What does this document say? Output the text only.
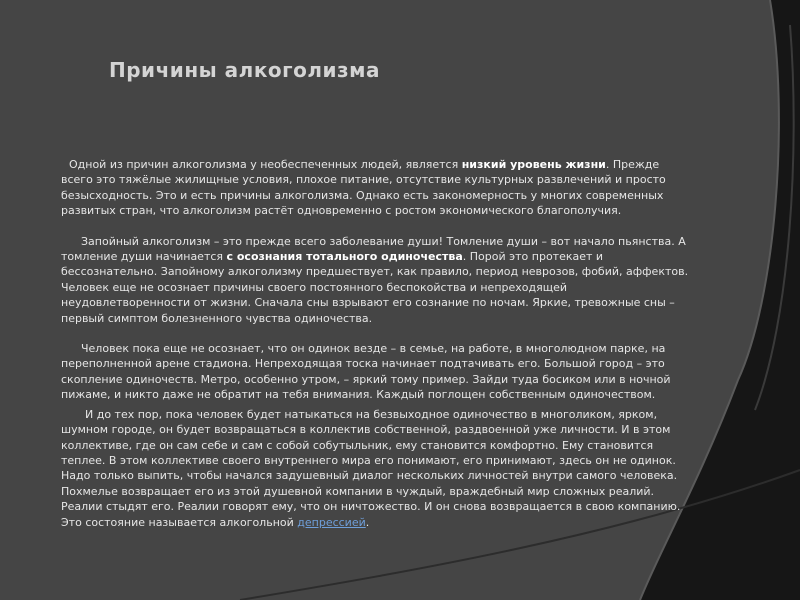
Причины алкоголизма

Одной из причин алкоголизма у необеспеченных людей, является низкий уровень жизни. Прежде всего это тяжёлые жилищные условия, плохое питание, отсутствие культурных развлечений и просто безысходность. Это и есть причины алкоголизма. Однако есть закономерность у многих современных развитых стран, что алкоголизм растёт одновременно с ростом экономического благополучия.

Запойный алкоголизм – это прежде всего заболевание души! Томление души – вот начало пьянства. А томление души начинается с осознания тотального одиночества. Порой это протекает и бессознательно. Запойному алкоголизму предшествует, как правило, период неврозов, фобий, аффектов. Человек еще не осознает причины своего постоянного беспокойства и непреходящей неудовлетворенности от жизни. Сначала сны взрывают его сознание по ночам. Яркие, тревожные сны – первый симптом болезненного чувства одиночества.

Человек пока еще не осознает, что он одинок везде – в семье, на работе, в многолюдном парке, на переполненной арене стадиона. Непреходящая тоска начинает подтачивать его. Большой город – это скопление одиночеств. Метро, особенно утром, – яркий тому пример. Зайди туда босиком или в ночной пижаме, и никто даже не обратит на тебя внимания. Каждый поглощен собственным одиночеством.

И до тех пор, пока человек будет натыкаться на безвыходное одиночество в многоликом, ярком, шумном городе, он будет возвращаться в коллектив собственной, раздвоенной уже личности. И в этом коллективе, где он сам себе и сам с собой собутыльник, ему становится комфортно. Ему становится теплее. В этом коллективе своего внутреннего мира его понимают, его принимают, здесь он не одинок. Надо только выпить, чтобы начался задушевный диалог нескольких личностей внутри самого человека. Похмелье возвращает его из этой душевной компании в чуждый, враждебный мир сложных реалий. Реалии стыдят его. Реалии говорят ему, что он ничтожество. И он снова возвращается в свою компанию. Это состояние называется алкогольной депрессией.
